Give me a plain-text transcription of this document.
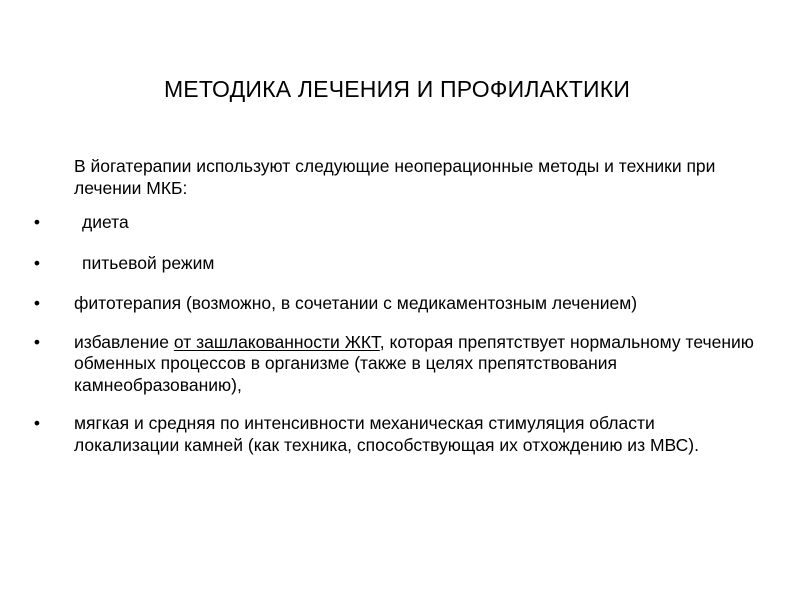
МЕТОДИКА ЛЕЧЕНИЯ И ПРОФИЛАКТИКИ
В йогатерапии используют следующие неоперационные методы и техники при лечении МКБ:
• диета
• питьевой режим
• фитотерапия (возможно, в сочетании с медикаментозным лечением)
• избавление от зашлакованности ЖКТ, которая препятствует нормальному течению обменных процессов в организме (также в целях препятствования камнеобразованию),
• мягкая и средняя по интенсивности механическая стимуляция области локализации камней (как техника, способствующая их отхождению из МВС).
